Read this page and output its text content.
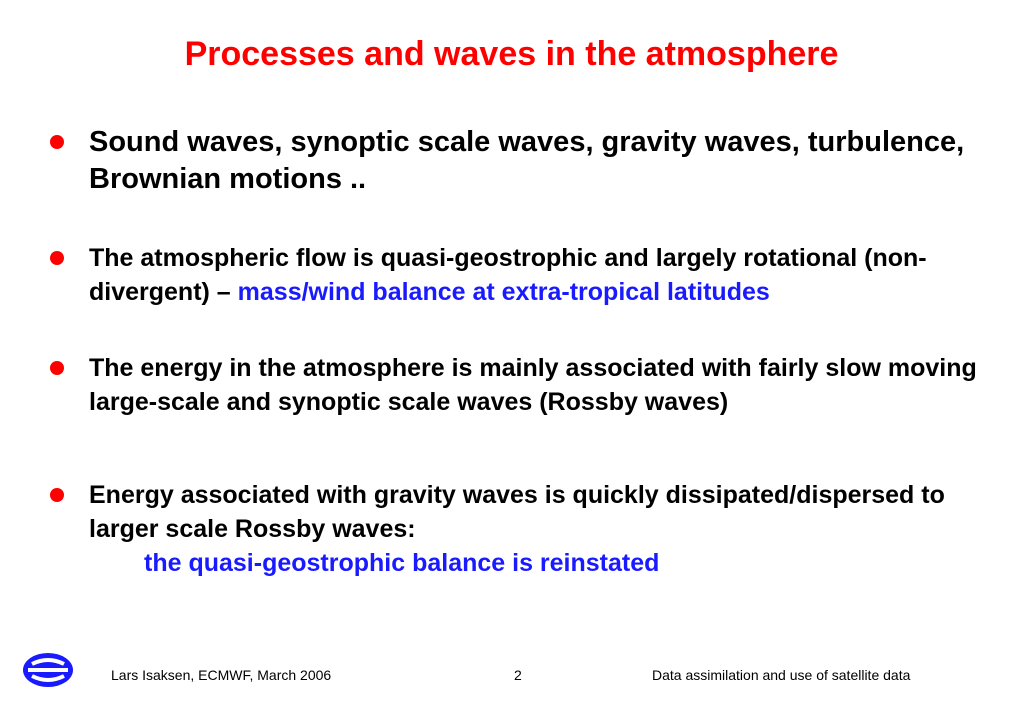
Processes and waves in the atmosphere
Sound waves, synoptic scale waves, gravity waves, turbulence, Brownian motions ..
The atmospheric flow is quasi-geostrophic and largely rotational (non-divergent) – mass/wind balance at extra-tropical latitudes
The energy in the atmosphere is mainly associated with fairly slow moving large-scale and synoptic scale waves (Rossby waves)
Energy associated with gravity waves is quickly dissipated/dispersed to larger scale Rossby waves:
the quasi-geostrophic balance is reinstated
Lars Isaksen, ECMWF, March 2006	2	Data assimilation and use of satellite data
